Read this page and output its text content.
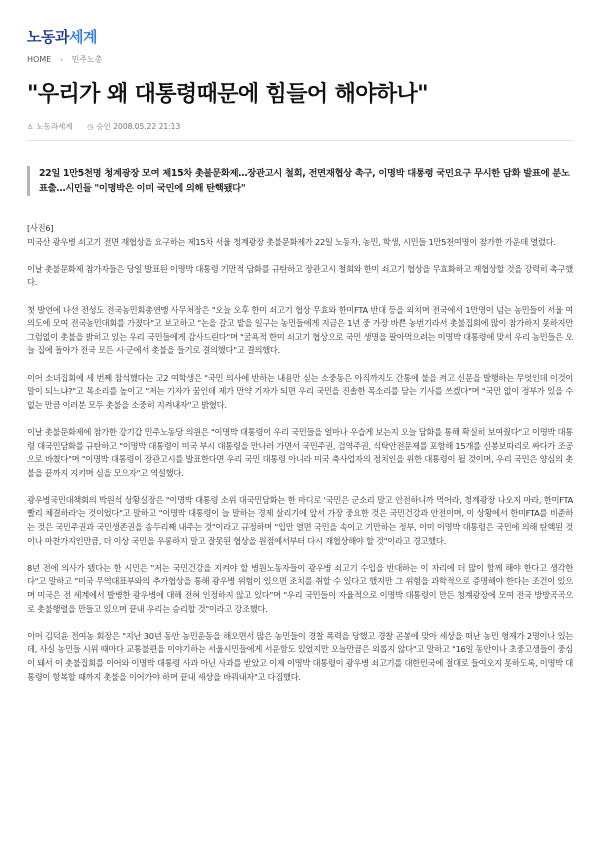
노동과세계
HOME › 민주노총
"우리가 왜 대통령때문에 힘들어 해야하나"
♙ 노동과세계 ◷ 승인 2008.05.22 21:13
22일 1만5천명 청계광장 모여 제15차 촛불문화제…장관고시 철회, 전면재협상 촉구, 이명박 대통령 국민요구 무시한 담화 발표에 분노 표출…시민들 "이명박은 이미 국민에 의해 탄핵됐다"

[사진6]

미국산 광우병 쇠고기 전면 재협상을 요구하는 제15차 서울 청계광장 촛불문화제가 22일 노동자, 농민, 학생, 시민들 1만5천여명이 참가한 가운데 열렸다.

이날 촛불문화제 참가자들은 당일 발표된 이명박 대통령 기만적 담화를 규탄하고 장관고시 철회와 한미 쇠고기 협상을 무효화하고 재협상할 것을 강력히 촉구했다.

첫 발언에 나선 전성도 전국농민회총연맹 사무처장은 "오늘 오후 한미 쇠고기 협상 무효와 한미FTA 반대 등을 외치며 전국에서 1만명이 넘는 농민들이 서울 여의도에 모여 전국농민대회를 가졌다"고 보고하고 "논을 갈고 밭을 일구는 농민들에게 지금은 1년 중 가장 바쁜 농번기라서 촛불집회에 많이 참가하지 못하지만 그럼없이 촛불을 밝히고 있는 우리 국민들에게 감사드린다"며 "굴욕적 한미 쇠고기 협상으로 국민 생명을 팔아먹으려는 이명박 대통령에 맞서 우리 농민들은 오늘 집에 돌아가 전국 모든 시·군에서 촛불을 들기로 결의했다"고 결의했다.

이어 소녀집회에 세 번째 참석했다는 고2 여학생은 "국민 의사에 반하는 내용만 싣는 소중동은 아직까지도 간통에 불을 켜고 신문을 발행하는 무엇인데 이것이 말이 되느냐?"고 목소리를 높이고 "저는 기자가 꿈인데 제가 만약 기자가 되면 우리 국민을 진솔한 목소리를 담는 기사를 쓰겠다"며 "국민 없이 정부가 있을 수 없는 만큼 이러분 모두 촛불을 소중히 지켜내자"고 밝혔다.

이날 촛불문화제에 참가한 강기갑 민주노동당 의원은 "이명박 대통령이 우리 국민들을 얼마나 우습게 보는지 오늘 담화를 통해 확실히 보여줬다"고 이명박 대통령 대국민담화를 규탄하고 "이명박 대통령이 미국 부시 대통령을 만나러 가면서 국민주권, 검역주권, 식탁안전문제를 포함해 15개를 신봉보따리로 싸다가 조공으로 바쳤다"며 "이명박 대통령이 장관고시를 발표한다면 우리 국민 대통령 아니라 미국 축사업자의 정치인을 위한 대통령이 될 것이며, 우리 국민은 양심의 촛불을 끝까지 지키며 심을 모으자"고 역설했다.

광우병국민대책회의 박원석 상황실장은 "이명박 대통령 소위 대국민담화는 한 마디로 '국민은 군소리 말고 안전하니까 먹어라, 청계광장 나오지 마라, 한미FTA 빨리 체결하라'는 것이었다"고 말하고 "이명박 대통령이 늘 말하는 경제 살리기에 앞서 가장 중요한 것은 국민건강과 안전이며, 이 상황에서 한미FTA를 비준하는 것은 국민주권과 국민생존권을 송두리째 내주는 것"이라고 규정하며 "입만 열면 국민을 속이고 기만하는 정부, 이미 이명박 대통령은 국민에 의해 탄핵된 것이나 마찬가지인만큼, 더 이상 국민을 우롱하지 말고 잘못된 협상을 원점에서부터 다시 재협상해야 할 것"이라고 경고했다.

8년 전에 의사가 됐다는 한 시민은 "저는 국민건강을 지켜야 할 병원노동자들이 광우병 쇠고기 수입을 반대하는 이 자리에 더 많이 함께 해야 한다고 생각한다"고 말하고 "미국 무역대표부와의 추가협상을 통해 광우병 위험이 있으면 조치를 취할 수 있다고 했지만 그 위험을 과학적으로 증명해야 한다는 조건이 있으며 미국은 전 세계에서 발병한 광우병에 대해 전혀 인정하지 않고 있다"며 "우리 국민들이 자율적으로 이명박 대통령이 만든 청계광장에 모여 전국 방방곡곡으로 촛불행렬을 만들고 있으며 끝내 우리는 승리할 것"이라고 강조했다.

이어 김덕윤 전여농 회장은 "지난 30년 동안 농민운동을 해오면서 많은 농민들이 경찰 폭력을 당했고 경찰 곤봉에 맞아 세상을 떠난 농민 형제가 2명이나 있는데, 사실 농민들 시위 때마다 교통불편을 이야기하는 서울시민들에게 서운함도 있었지만 오늘만큼은 외롭지 않다"고 말하고 "16일 동안이나 초중고생들이 중심이 돼서 이 촛불집회를 이어와 이명박 대통령 사과 아닌 사과를 받았고 이제 이명박 대통령이 광우병 쇠고기를 대한민국에 절대로 들여오지 못하도록, 이명박 대통령이 항복할 때까지 촛불을 이어가야 하며 끝내 세상을 바꿔내자"고 다짐했다.
